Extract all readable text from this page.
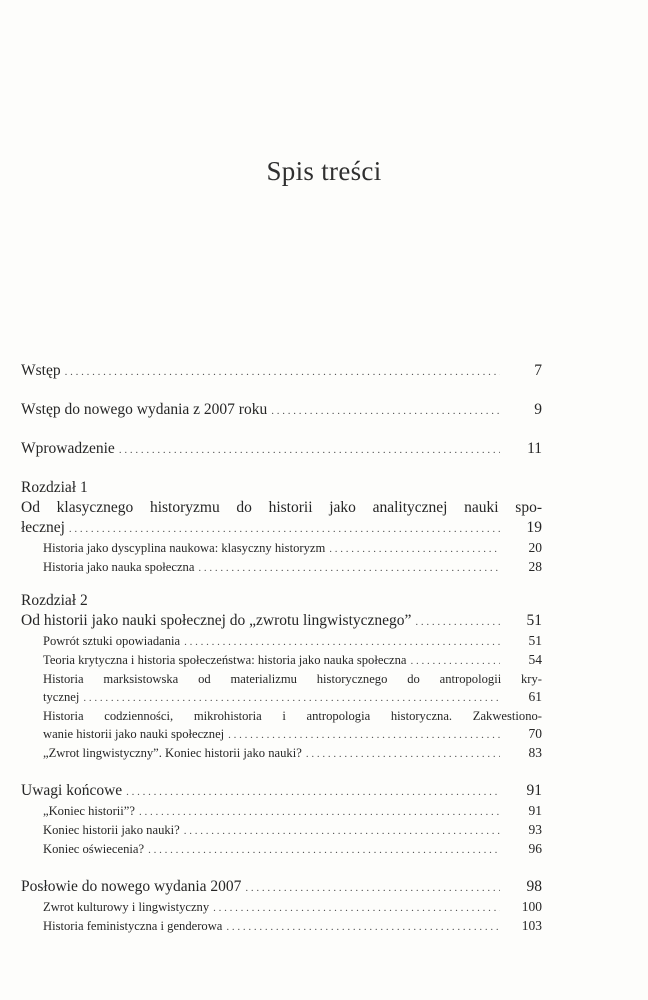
Spis treści
Wstęp . . .	7
Wstęp do nowego wydania z 2007 roku . . .	9
Wprowadzenie . . .	11
Rozdział 1
Od klasycznego historyzmu do historii jako analitycznej nauki spo-
łecznej . . .	19
Historia jako dyscyplina naukowa: klasyczny historyzm . . .	20
Historia jako nauka społeczna . . .	28
Rozdział 2
Od historii jako nauki społecznej do „zwrotu lingwistycznego” . . .	51
Powrót sztuki opowiadania . . .	51
Teoria krytyczna i historia społeczeństwa: historia jako nauka społeczna . . .	54
Historia marksistowska od materializmu historycznego do antropologii kry-
tycznej . . .	61
Historia codzienności, mikrohistoria i antropologia historyczna. Zakwestiono-
wanie historii jako nauki społecznej . . .	70
„Zwrot lingwistyczny”. Koniec historii jako nauki? . . .	83
Uwagi końcowe . . .	91
„Koniec historii”? . . .	91
Koniec historii jako nauki? . . .	93
Koniec oświecenia? . . .	96
Posłowie do nowego wydania 2007 . . .	98
Zwrot kulturowy i lingwistyczny . . .	100
Historia feministyczna i genderowa . . .	103
